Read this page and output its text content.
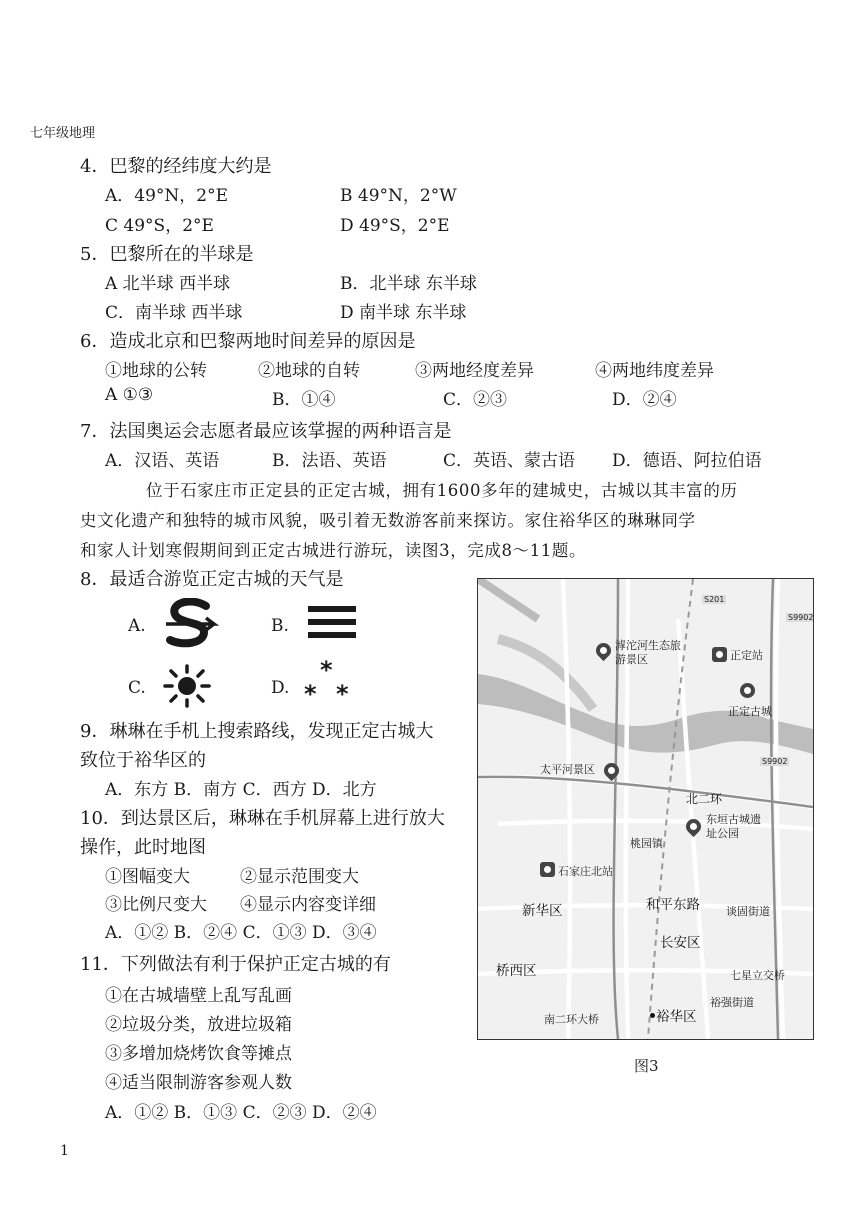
七年级地理
4．巴黎的经纬度大约是
A．49°N，2°E	B 49°N，2°W
C 49°S，2°E	D 49°S，2°E
5．巴黎所在的半球是
A 北半球 西半球	B．北半球 东半球
C．南半球 西半球	D 南半球 东半球
6．造成北京和巴黎两地时间差异的原因是
①地球的公转	②地球的自转	③两地经度差异	④两地纬度差异
A ①③	B．①④	C．②③	D．②④
7．法国奥运会志愿者最应该掌握的两种语言是
A．汉语、英语	B．法语、英语	C．英语、蒙古语 D．德语、阿拉伯语
位于石家庄市正定县的正定古城，拥有1600多年的建城史，古城以其丰富的历
史文化遗产和独特的城市风貌，吸引着无数游客前来探访。家住裕华区的琳琳同学
和家人计划寒假期间到正定古城进行游玩，读图3，完成8～11题。
8．最适合游览正定古城的天气是
A.	B.
C.	D.
*
* *
9．琳琳在手机上搜索路线，发现正定古城大
致位于裕华区的
A．东方 B．南方 C．西方 D．北方
10．到达景区后，琳琳在手机屏幕上进行放大
操作，此时地图
①图幅变大	②显示范围变大
③比例尺变大 ④显示内容变详细
A．①② B．②④ C．①③ D．③④
11．下列做法有利于保护正定古城的有
①在古城墙壁上乱写乱画
②垃圾分类，放进垃圾箱
③多增加烧烤饮食等摊点
④适当限制游客参观人数
A．①② B．①③ C．②③ D．②④
S201
S9902
S9902
滹沱河生态旅游景区	正定站
正定古城
太平河景区
北二环
东垣古城遗址公园
桃园镇
石家庄北站
新华区	和平东路 谈固街道
长安区
桥西区	七星立交桥
裕强街道
南二环大桥	裕华区
图3
1
